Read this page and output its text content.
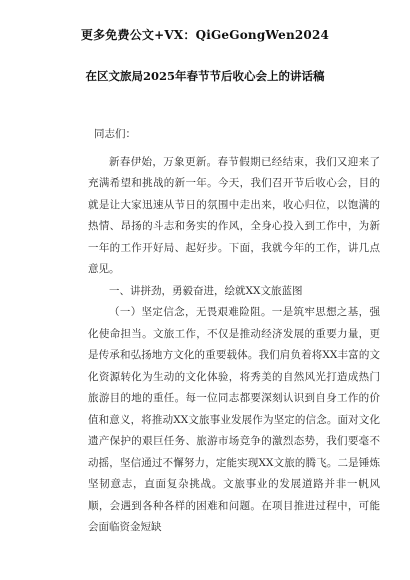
更多免费公文+VX：QiGeGongWen2024
在区文旅局2025年春节节后收心会上的讲话稿

同志们：

新春伊始，万象更新。春节假期已经结束，我们又迎来了充满希望和挑战的新一年。今天，我们召开节后收心会，目的就是让大家迅速从节日的氛围中走出来，收心归位，以饱满的热情、昂扬的斗志和务实的作风，全身心投入到工作中，为新一年的工作开好局、起好步。下面，我就今年的工作，讲几点意见。

一、讲拼劲，勇毅奋进，绘就XX文旅蓝图

（一）坚定信念，无畏艰难险阻。一是筑牢思想之基，强化使命担当。文旅工作，不仅是推动经济发展的重要力量，更是传承和弘扬地方文化的重要载体。我们肩负着将XX丰富的文化资源转化为生动的文化体验，将秀美的自然风光打造成热门旅游目的地的重任。每一位同志都要深刻认识到自身工作的价值和意义，将推动XX文旅事业发展作为坚定的信念。面对文化遗产保护的艰巨任务、旅游市场竞争的激烈态势，我们要毫不动摇，坚信通过不懈努力，定能实现XX文旅的腾飞。二是锤炼坚韧意志，直面复杂挑战。文旅事业的发展道路并非一帆风顺，会遇到各种各样的困难和问题。在项目推进过程中，可能会面临资金短缺
